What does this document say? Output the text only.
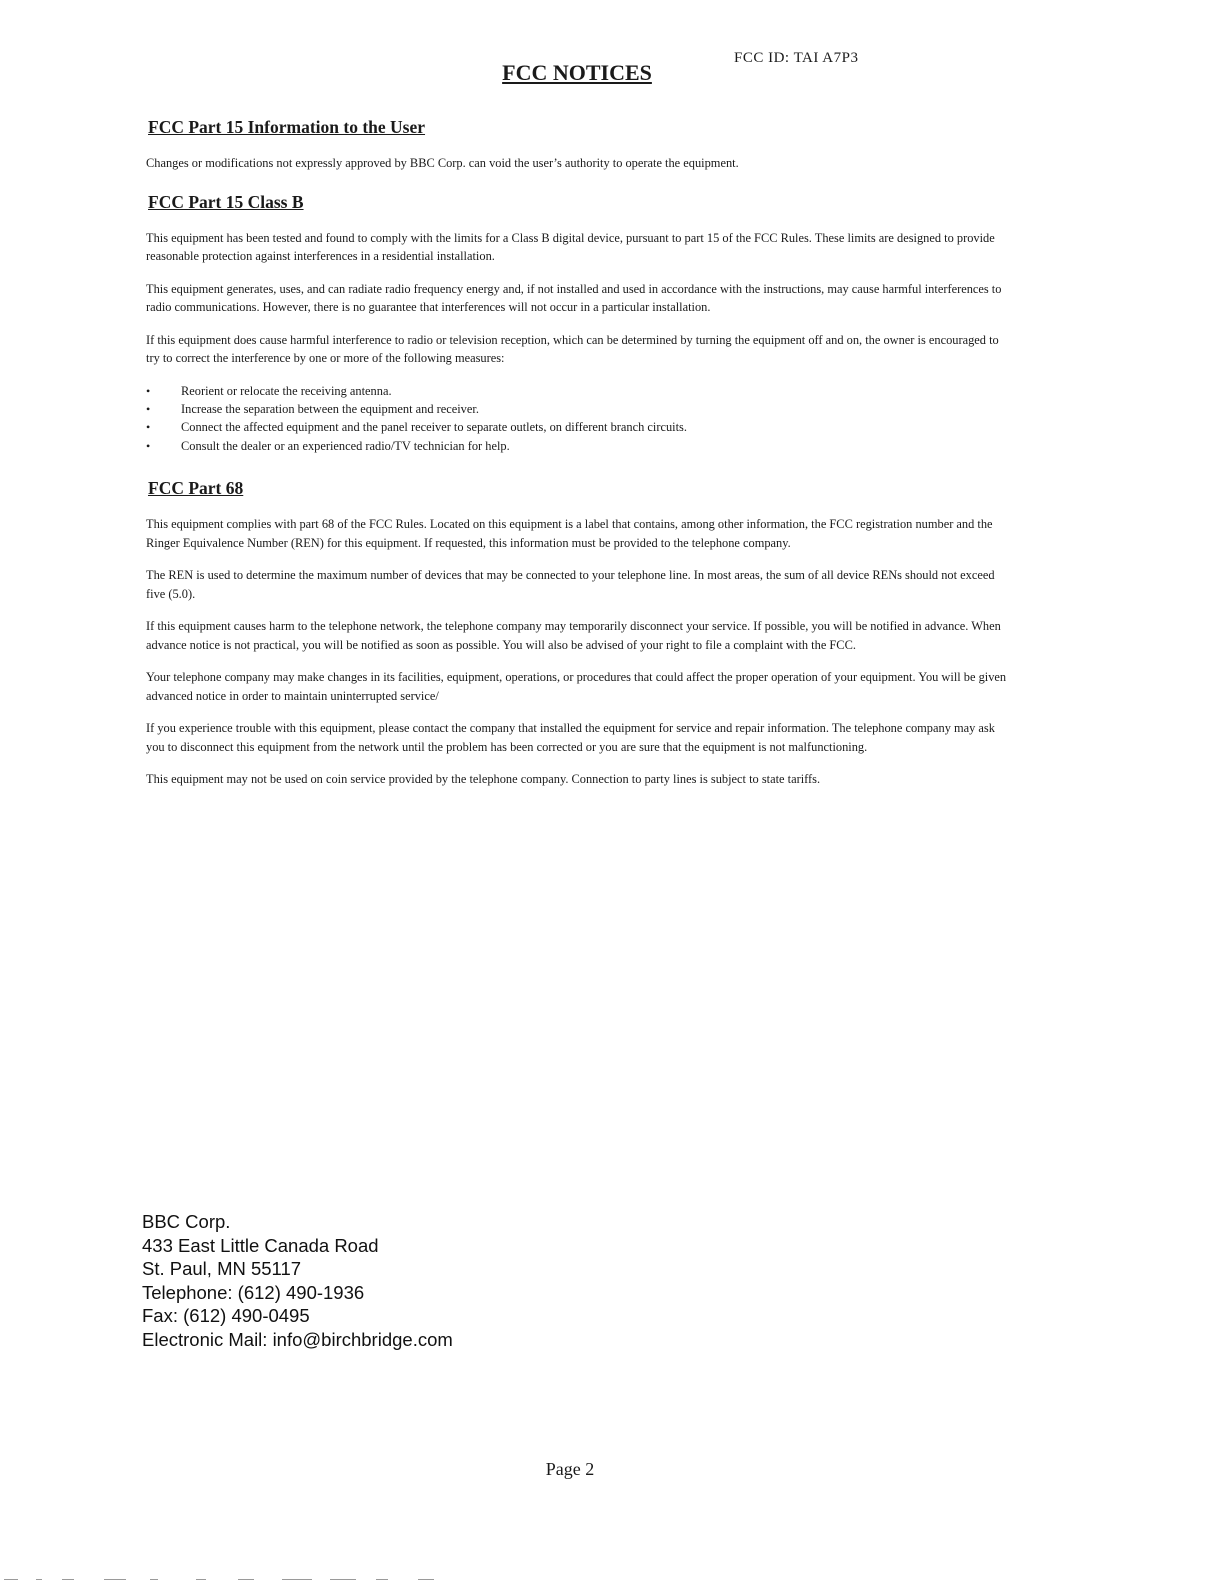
FCC ID: TAI A7P3
FCC NOTICES
FCC Part 15 Information to the User

Changes or modifications not expressly approved by BBC Corp. can void the user’s authority to operate the equipment.

FCC Part 15 Class B

This equipment has been tested and found to comply with the limits for a Class B digital device, pursuant to part 15 of the FCC Rules. These limits are designed to provide reasonable protection against interferences in a residential installation.

This equipment generates, uses, and can radiate radio frequency energy and, if not installed and used in accordance with the instructions, may cause harmful interferences to radio communications. However, there is no guarantee that interferences will not occur in a particular installation.

If this equipment does cause harmful interference to radio or television reception, which can be determined by turning the equipment off and on, the owner is encouraged to try to correct the interference by one or more of the following measures:

• Reorient or relocate the receiving antenna.
• Increase the separation between the equipment and receiver.
• Connect the affected equipment and the panel receiver to separate outlets, on different branch circuits.
• Consult the dealer or an experienced radio/TV technician for help.
FCC Part 68

This equipment complies with part 68 of the FCC Rules. Located on this equipment is a label that contains, among other information, the FCC registration number and the Ringer Equivalence Number (REN) for this equipment. If requested, this information must be provided to the telephone company.

The REN is used to determine the maximum number of devices that may be connected to your telephone line. In most areas, the sum of all device RENs should not exceed five (5.0).

If this equipment causes harm to the telephone network, the telephone company may temporarily disconnect your service. If possible, you will be notified in advance. When advance notice is not practical, you will be notified as soon as possible. You will also be advised of your right to file a complaint with the FCC.

Your telephone company may make changes in its facilities, equipment, operations, or procedures that could affect the proper operation of your equipment. You will be given advanced notice in order to maintain uninterrupted service/

If you experience trouble with this equipment, please contact the company that installed the equipment for service and repair information. The telephone company may ask you to disconnect this equipment from the network until the problem has been corrected or you are sure that the equipment is not malfunctioning.

This equipment may not be used on coin service provided by the telephone company. Connection to party lines is subject to state tariffs.

BBC Corp.
433 East Little Canada Road
St. Paul, MN 55117
Telephone: (612) 490-1936
Fax: (612) 490-0495
Electronic Mail: info@birchbridge.com
Page 2
